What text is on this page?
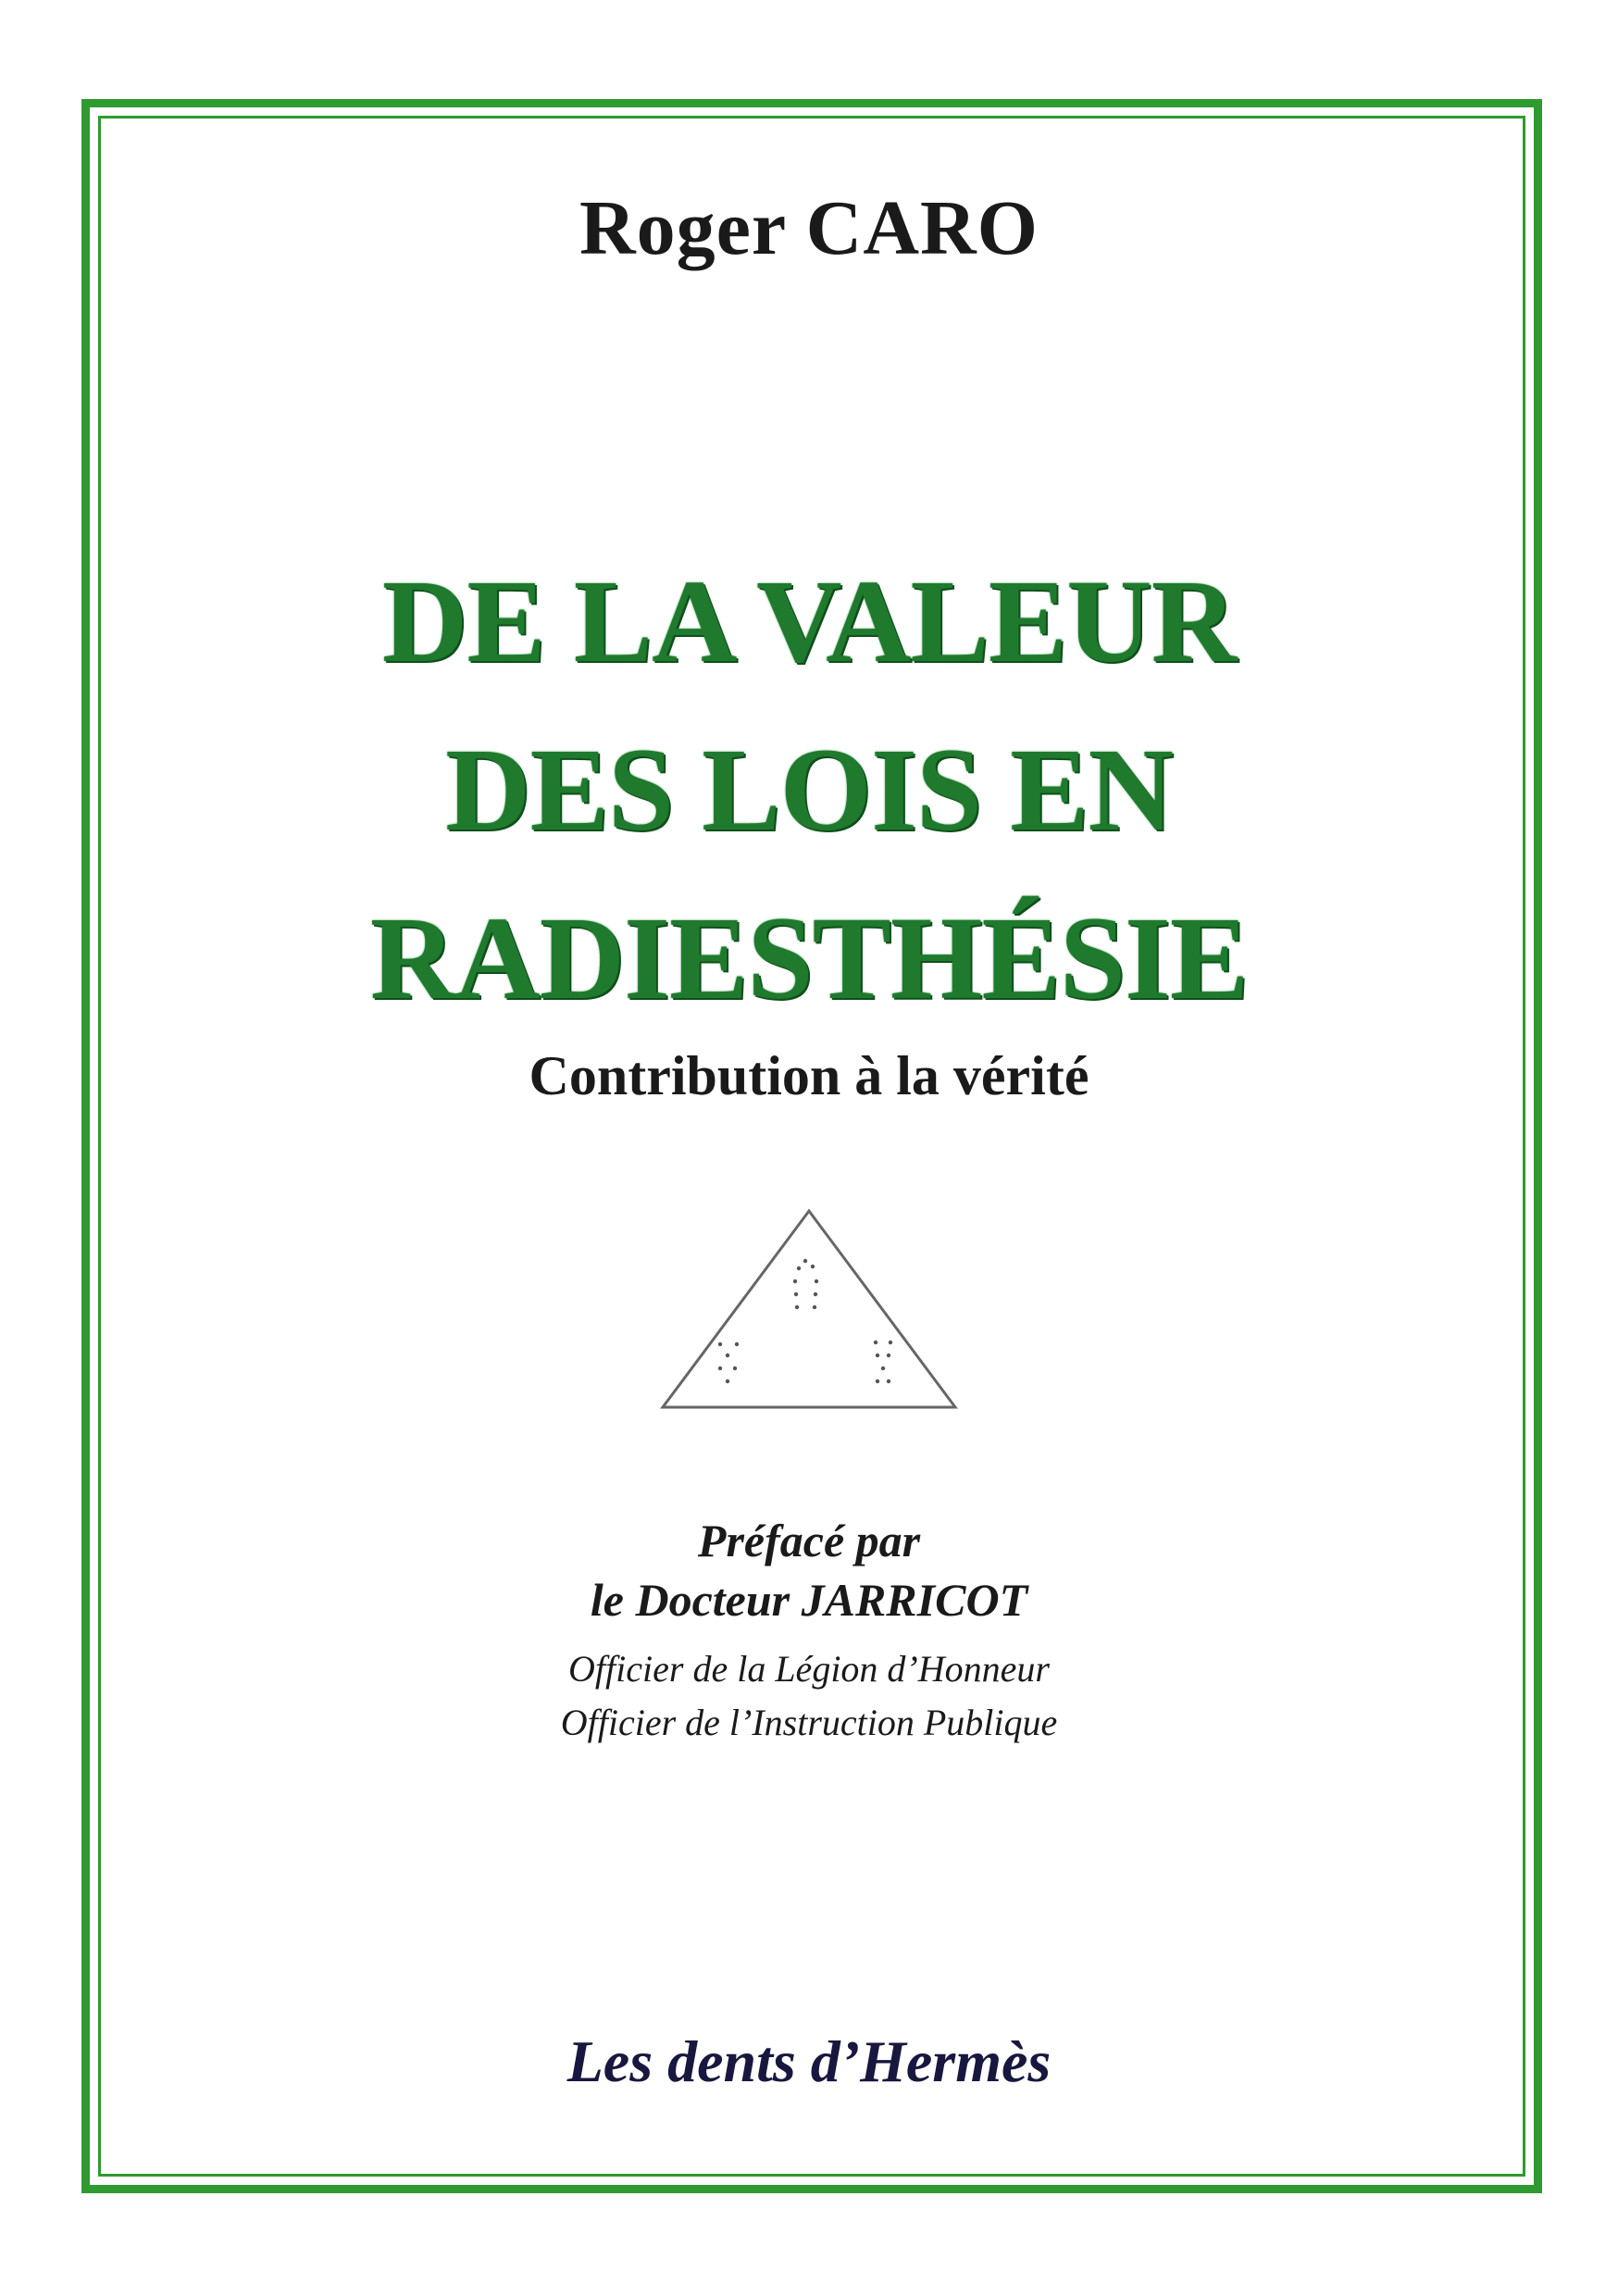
Roger CARO

DE LA VALEUR
DES LOIS EN
RADIESTHÉSIE

Contribution à la vérité

Préfacé par
le Docteur JARRICOT
Officier de la Légion d’Honneur
Officier de l’Instruction Publique

Les dents d’Hermès
